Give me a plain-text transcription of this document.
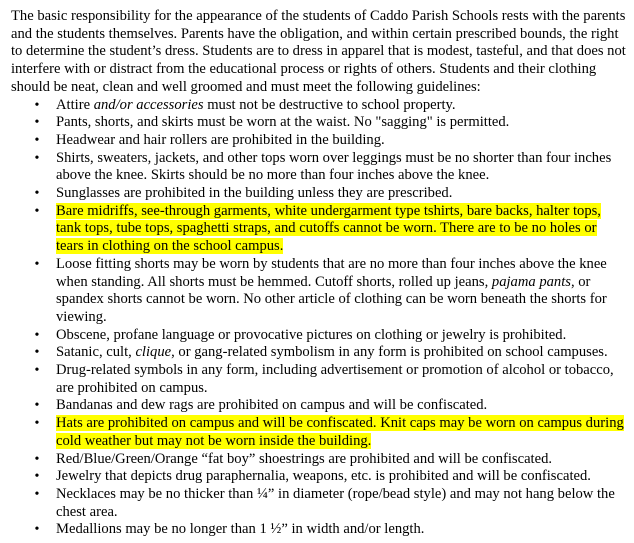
The basic responsibility for the appearance of the students of Caddo Parish Schools rests with the parents and the students themselves. Parents have the obligation, and within certain prescribed bounds, the right to determine the student’s dress. Students are to dress in apparel that is modest, tasteful, and that does not interfere with or distract from the educational process or rights of others. Students and their clothing should be neat, clean and well groomed and must meet the following guidelines:

• Attire and/or accessories must not be destructive to school property.
• Pants, shorts, and skirts must be worn at the waist. No "sagging" is permitted.
• Headwear and hair rollers are prohibited in the building.
• Shirts, sweaters, jackets, and other tops worn over leggings must be no shorter than four inches above the knee. Skirts should be no more than four inches above the knee.
• Sunglasses are prohibited in the building unless they are prescribed.
• Bare midriffs, see-through garments, white undergarment type tshirts, bare backs, halter tops, tank tops, tube tops, spaghetti straps, and cutoffs cannot be worn. There are to be no holes or tears in clothing on the school campus.
• Loose fitting shorts may be worn by students that are no more than four inches above the knee when standing. All shorts must be hemmed. Cutoff shorts, rolled up jeans, pajama pants, or spandex shorts cannot be worn. No other article of clothing can be worn beneath the shorts for viewing.
• Obscene, profane language or provocative pictures on clothing or jewelry is prohibited.
• Satanic, cult, clique, or gang-related symbolism in any form is prohibited on school campuses.
• Drug-related symbols in any form, including advertisement or promotion of alcohol or tobacco, are prohibited on campus.
• Bandanas and dew rags are prohibited on campus and will be confiscated.
• Hats are prohibited on campus and will be confiscated. Knit caps may be worn on campus during cold weather but may not be worn inside the building.
• Red/Blue/Green/Orange “fat boy” shoestrings are prohibited and will be confiscated.
• Jewelry that depicts drug paraphernalia, weapons, etc. is prohibited and will be confiscated.
• Necklaces may be no thicker than ¼” in diameter (rope/bead style) and may not hang below the chest area.
• Medallions may be no longer than 1 ½” in width and/or length.
